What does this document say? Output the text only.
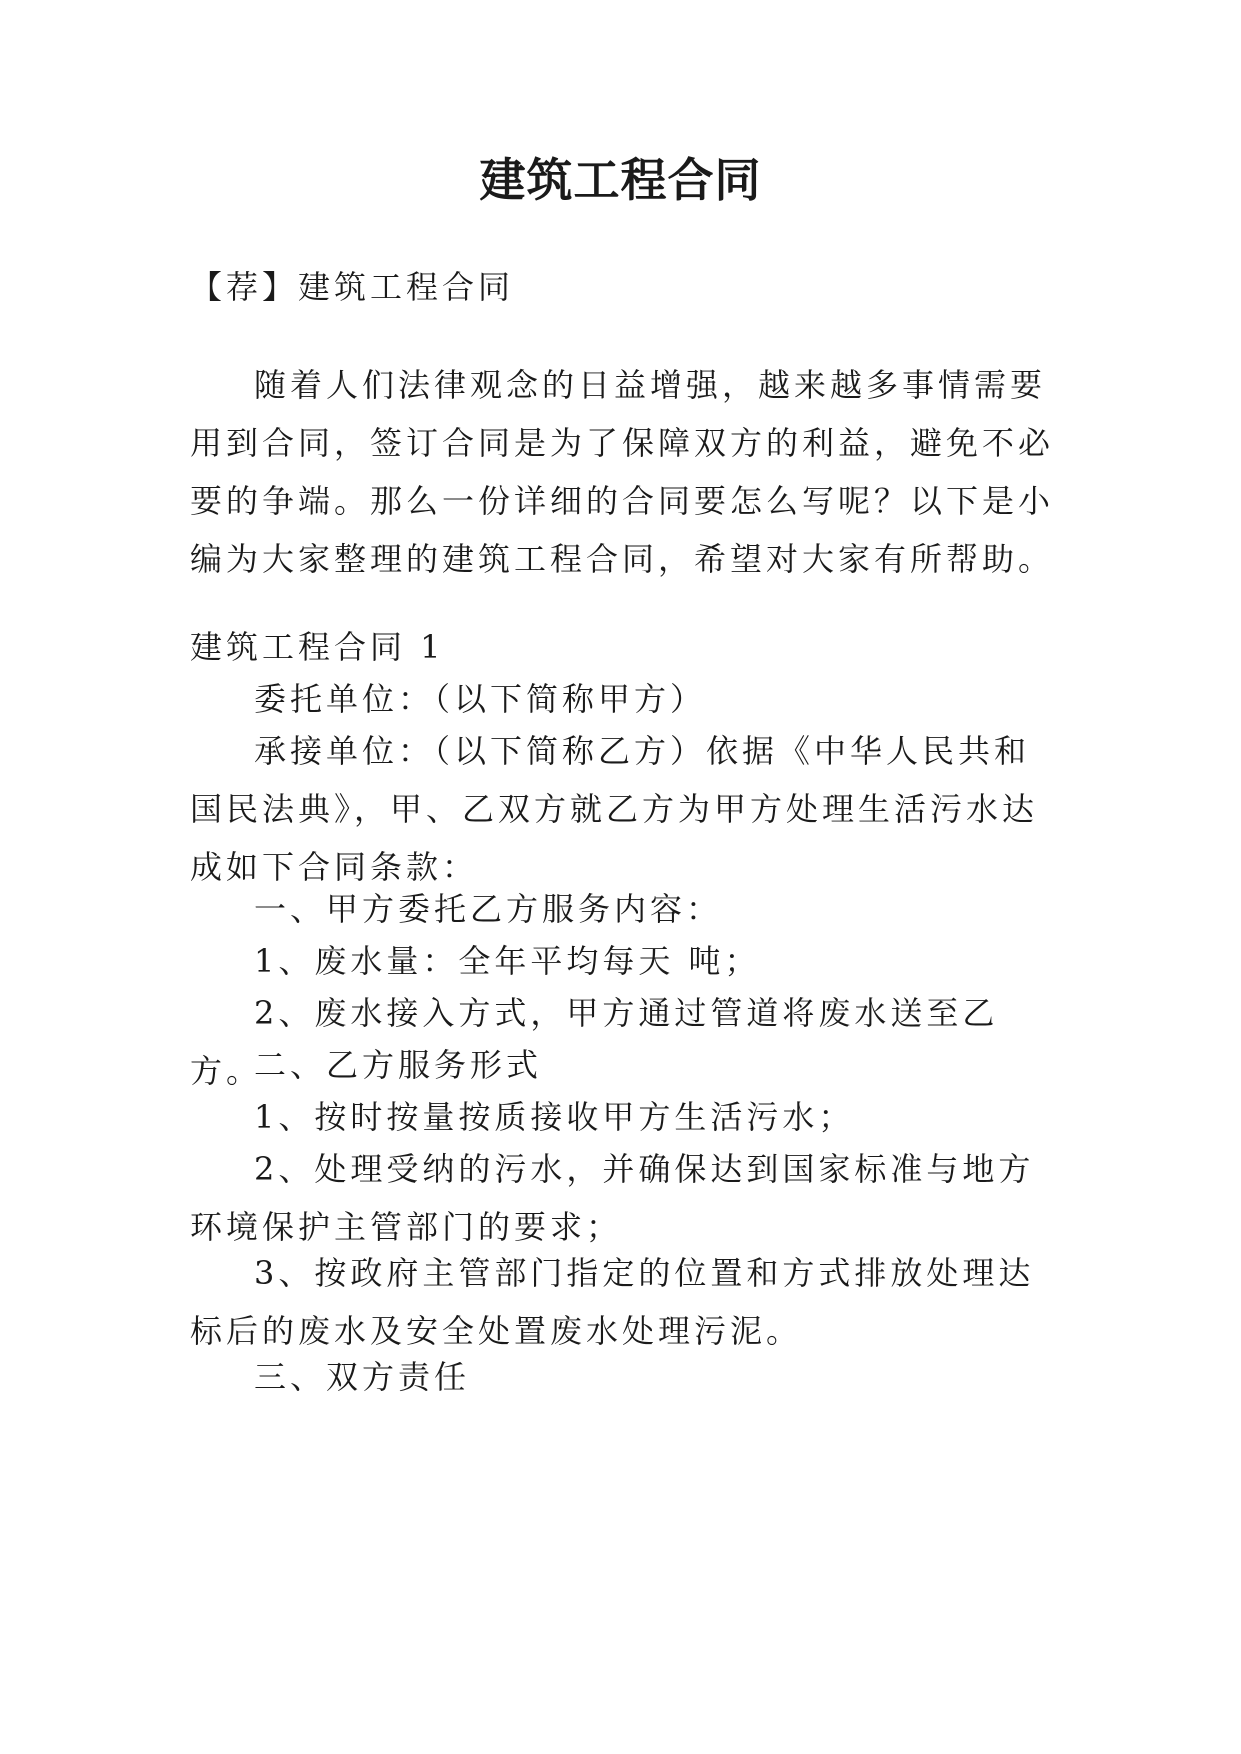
建筑工程合同

【荐】建筑工程合同

随着人们法律观念的日益增强，越来越多事情需要用到合同，签订合同是为了保障双方的利益，避免不必要的争端。那么一份详细的合同要怎么写呢？以下是小编为大家整理的建筑工程合同，希望对大家有所帮助。

建筑工程合同 1

委托单位：（以下简称甲方）

承接单位：（以下简称乙方）依据《中华人民共和国民法典》，甲、乙双方就乙方为甲方处理生活污水达成如下合同条款：

一、甲方委托乙方服务内容：

1、废水量：全年平均每天 吨；

2、废水接入方式，甲方通过管道将废水送至乙方。

二、乙方服务形式

1、按时按量按质接收甲方生活污水；

2、处理受纳的污水，并确保达到国家标准与地方环境保护主管部门的要求；

3、按政府主管部门指定的位置和方式排放处理达标后的废水及安全处置废水处理污泥。

三、双方责任
